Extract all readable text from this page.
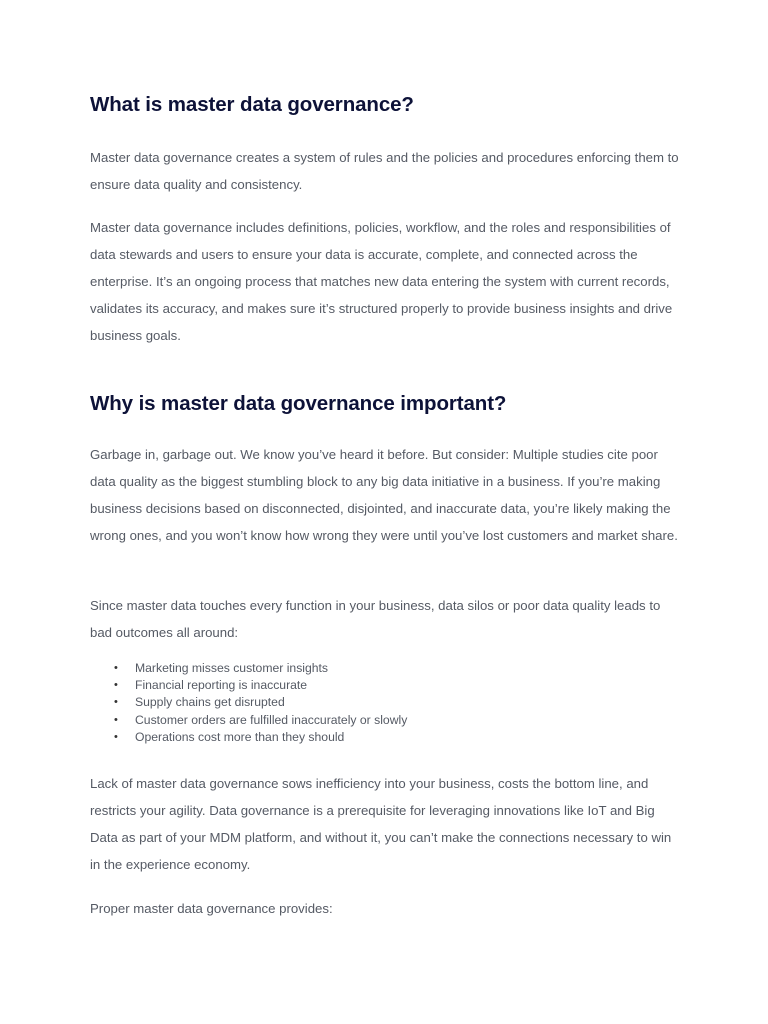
What is master data governance?

Master data governance creates a system of rules and the policies and procedures enforcing them to ensure data quality and consistency.

Master data governance includes definitions, policies, workflow, and the roles and responsibilities of data stewards and users to ensure your data is accurate, complete, and connected across the enterprise. It’s an ongoing process that matches new data entering the system with current records, validates its accuracy, and makes sure it’s structured properly to provide business insights and drive business goals.

Why is master data governance important?

Garbage in, garbage out. We know you’ve heard it before. But consider: Multiple studies cite poor data quality as the biggest stumbling block to any big data initiative in a business. If you’re making business decisions based on disconnected, disjointed, and inaccurate data, you’re likely making the wrong ones, and you won’t know how wrong they were until you’ve lost customers and market share.

Since master data touches every function in your business, data silos or poor data quality leads to bad outcomes all around:

• Marketing misses customer insights
• Financial reporting is inaccurate
• Supply chains get disrupted
• Customer orders are fulfilled inaccurately or slowly
• Operations cost more than they should

Lack of master data governance sows inefficiency into your business, costs the bottom line, and restricts your agility. Data governance is a prerequisite for leveraging innovations like IoT and Big Data as part of your MDM platform, and without it, you can’t make the connections necessary to win in the experience economy.

Proper master data governance provides:
